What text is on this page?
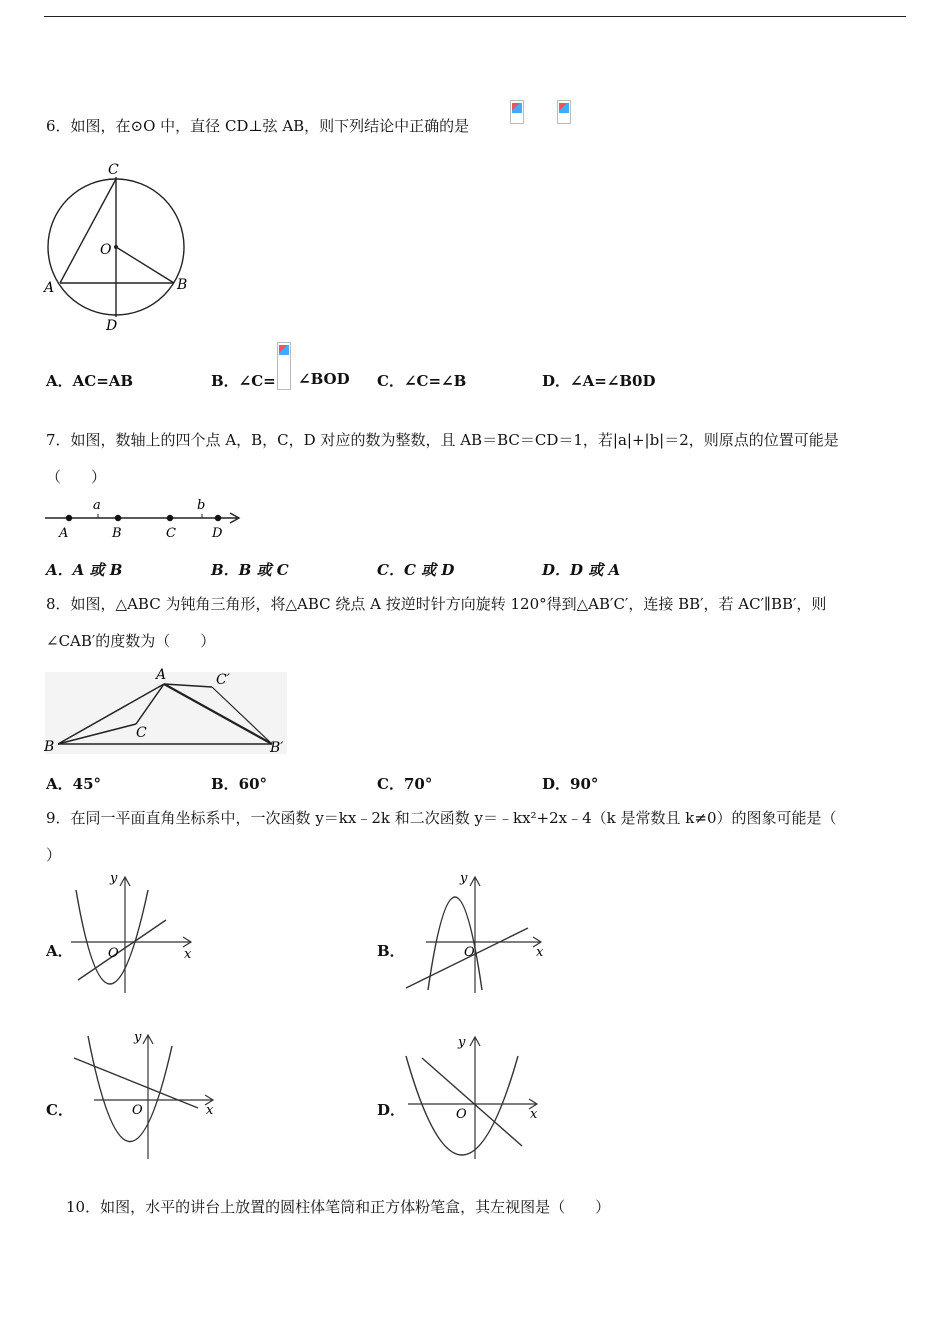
6．如图，在⊙O 中，直径 CD⊥弦 AB，则下列结论中正确的是
C
O
A	B
D
A．AC=AB	B．∠C= ∠BOD C．∠C=∠B	D．∠A=∠B0D
7．如图，数轴上的四个点 A，B，C，D 对应的数为整数，且 AB＝BC＝CD＝1，若|a|+|b|＝2，则原点的位置可能是
（　　）
a	b
A	B	C	D
A．A 或 B	B．B 或 C	C．C 或 D	D．D 或 A
8．如图，△ABC 为钝角三角形，将△ABC 绕点 A 按逆时针方向旋转 120°得到△AB′C′，连接 BB′，若 AC′∥BB′，则
∠CAB′的度数为（　　）
A	C′
C
B	B′
A．45°	B．60°	C．70°	D．90°
9．在同一平面直角坐标系中，一次函数 y＝kx﹣2k 和二次函数 y＝﹣kx²+2x﹣4（k 是常数且 k≠0）的图象可能是（
）
A．
y
x
O	B．
y
x
O
C．
y
x
O	D．
y
x
O
10．如图，水平的讲台上放置的圆柱体笔筒和正方体粉笔盒，其左视图是（　　）
